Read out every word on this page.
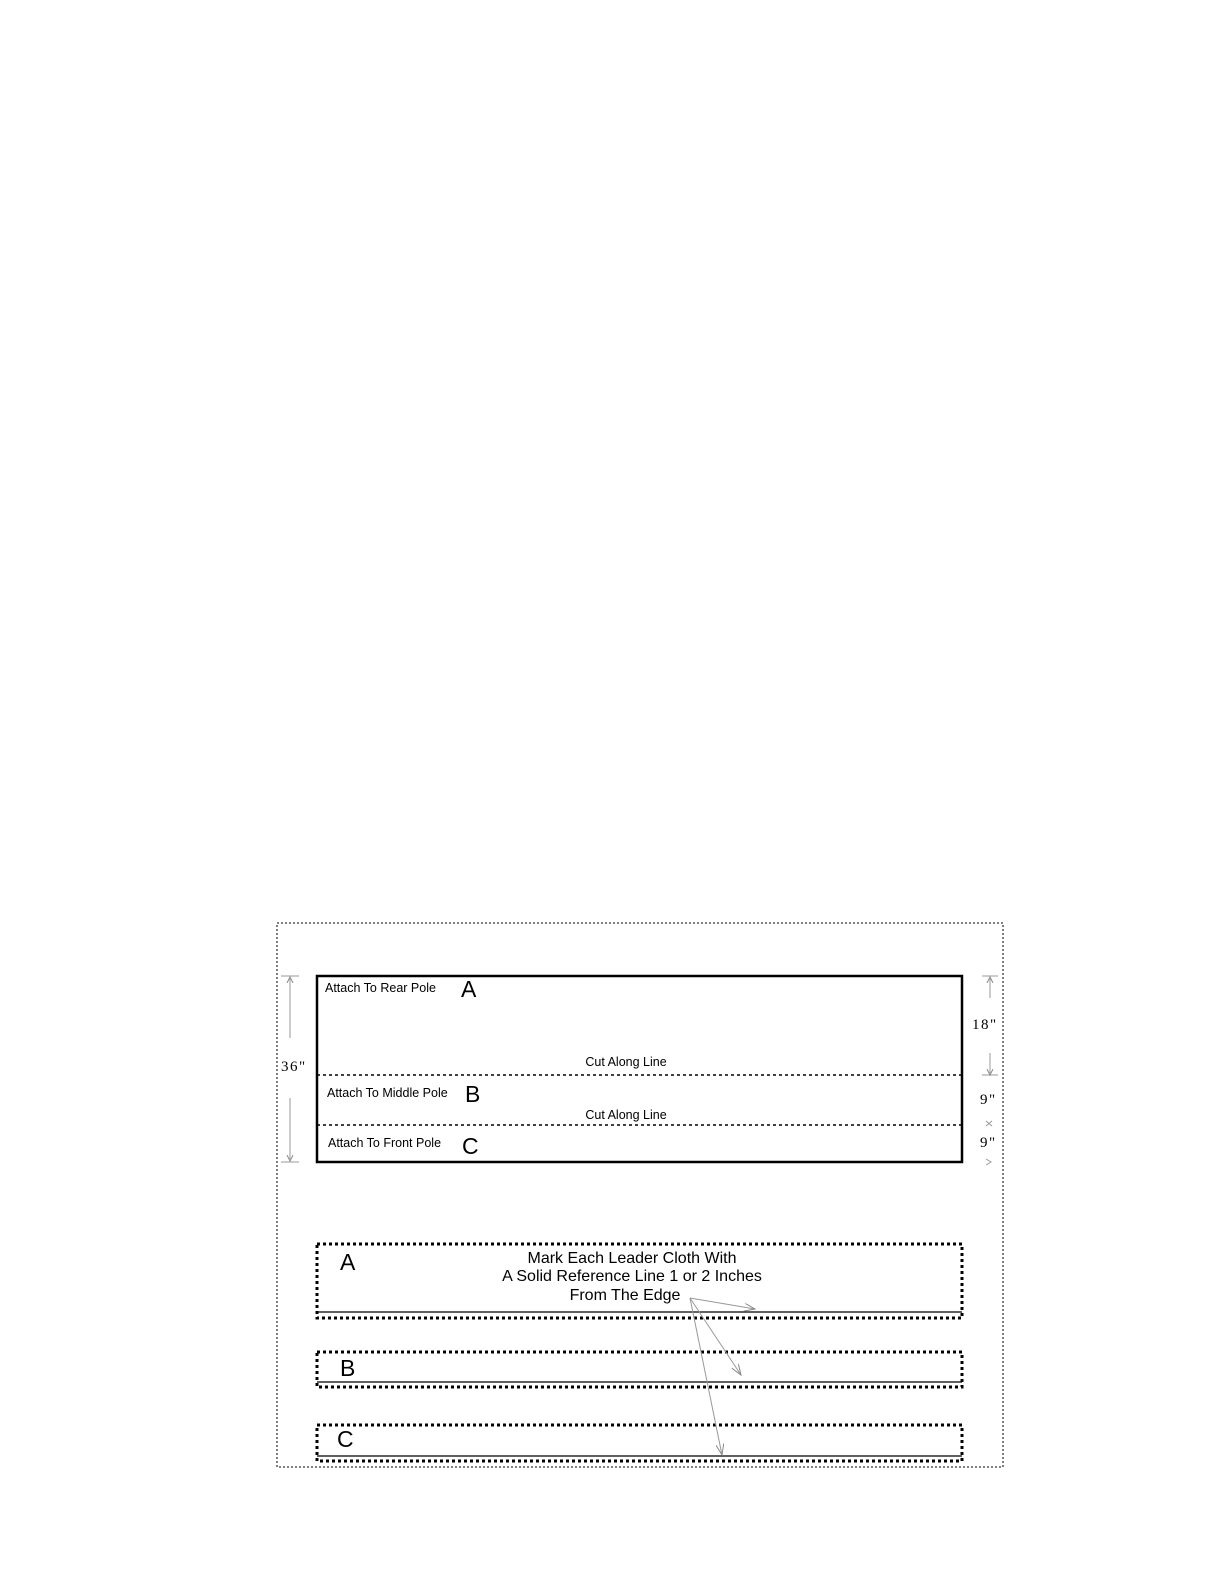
Attach To Rear Pole A
Cut Along Line
Attach To Middle Pole B
Cut Along Line
Attach To Front Pole C
36"
18"
9"
9"
A	Mark Each Leader Cloth With
A Solid Reference Line 1 or 2 Inches
From The Edge
B
C
